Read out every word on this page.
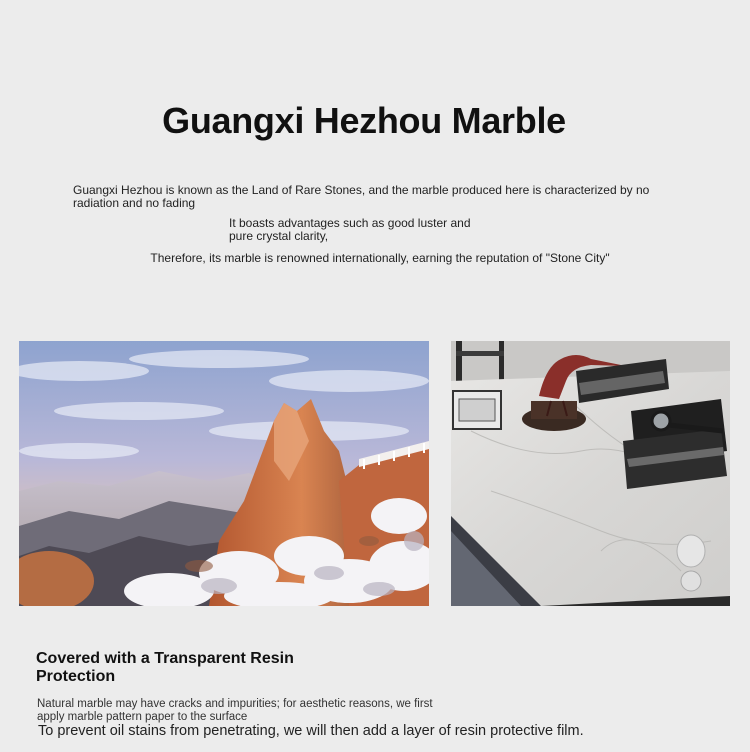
Guangxi Hezhou Marble
Guangxi Hezhou is known as the Land of Rare Stones, and the marble produced here is characterized by no radiation and no fading
It boasts advantages such as good luster and pure crystal clarity,
Therefore, its marble is renowned internationally, earning the reputation of "Stone City"
Covered with a Transparent Resin Protection
Natural marble may have cracks and impurities; for aesthetic reasons, we first apply marble pattern paper to the surface
To prevent oil stains from penetrating, we will then add a layer of resin protective film.
